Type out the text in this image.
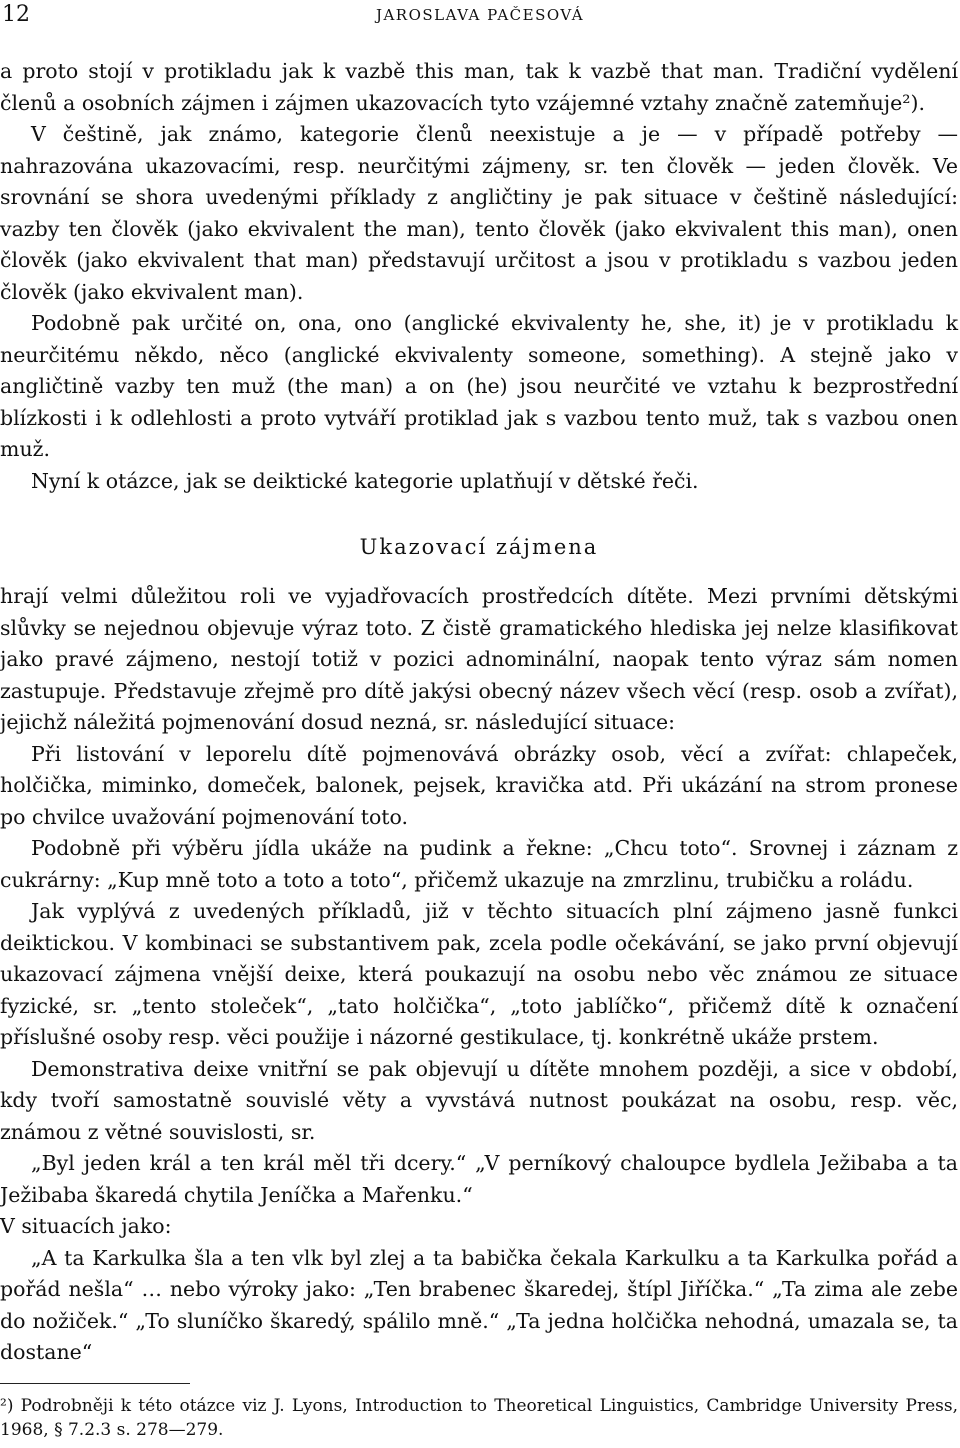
12	JAROSLAVA PAČESOVÁ

a proto stojí v protikladu jak k vazbě this man, tak k vazbě that man. Tradiční vydělení členů a osobních zájmen i zájmen ukazovacích tyto vzájemné vztahy značně zatemňuje²).

V češtině, jak známo, kategorie členů neexistuje a je — v případě potřeby — nahrazována ukazovacími, resp. neurčitými zájmeny, sr. ten člověk — jeden člověk. Ve srovnání se shora uvedenými příklady z angličtiny je pak situace v češtině následující: vazby ten člověk (jako ekvivalent the man), tento člověk (jako ekvivalent this man), onen člověk (jako ekvivalent that man) představují určitost a jsou v protikladu s vazbou jeden člověk (jako ekvivalent man).

Podobně pak určité on, ona, ono (anglické ekvivalenty he, she, it) je v protikladu k neurčitému někdo, něco (anglické ekvivalenty someone, something). A stejně jako v angličtině vazby ten muž (the man) a on (he) jsou neurčité ve vztahu k bezprostřední blízkosti i k odlehlosti a proto vytváří protiklad jak s vazbou tento muž, tak s vazbou onen muž.

Nyní k otázce, jak se deiktické kategorie uplatňují v dětské řeči.

Ukazovací zájmena

hrají velmi důležitou roli ve vyjadřovacích prostředcích dítěte. Mezi prvními dětskými slůvky se nejednou objevuje výraz toto. Z čistě gramatického hlediska jej nelze klasifikovat jako pravé zájmeno, nestojí totiž v pozici adnominální, naopak tento výraz sám nomen zastupuje. Představuje zřejmě pro dítě jakýsi obecný název všech věcí (resp. osob a zvířat), jejichž náležitá pojmenování dosud nezná, sr. následující situace:

Při listování v leporelu dítě pojmenovává obrázky osob, věcí a zvířat: chlapeček, holčička, miminko, domeček, balonek, pejsek, kravička atd. Při ukázání na strom pronese po chvilce uvažování pojmenování toto.

Podobně při výběru jídla ukáže na pudink a řekne: „Chcu toto“. Srovnej i záznam z cukrárny: „Kup mně toto a toto a toto“, přičemž ukazuje na zmrzlinu, trubičku a roládu.

Jak vyplývá z uvedených příkladů, již v těchto situacích plní zájmeno jasně funkci deiktickou. V kombinaci se substantivem pak, zcela podle očekávání, se jako první objevují ukazovací zájmena vnější deixe, která poukazují na osobu nebo věc známou ze situace fyzické, sr. „tento stoleček“, „tato holčička“, „toto jablíčko“, přičemž dítě k označení příslušné osoby resp. věci použije i názorné gestikulace, tj. konkrétně ukáže prstem.

Demonstrativa deixe vnitřní se pak objevují u dítěte mnohem později, a sice v období, kdy tvoří samostatně souvislé věty a vyvstává nutnost poukázat na osobu, resp. věc, známou z větné souvislosti, sr.

„Byl jeden král a ten král měl tři dcery.“ „V perníkový chaloupce bydlela Ježibaba a ta Ježibaba škaredá chytila Jeníčka a Mařenku.“

V situacích jako:

„A ta Karkulka šla a ten vlk byl zlej a ta babička čekala Karkulku a ta Karkulka pořád a pořád nešla“ … nebo výroky jako: „Ten brabenec škaredej, štípl Jiříčka.“ „Ta zima ale zebe do nožiček.“ „To sluníčko škaredý, spálilo mně.“ „Ta jedna holčička nehodná, umazala se, ta dostane“

²) Podrobněji k této otázce viz J. Lyons, Introduction to Theoretical Linguistics, Cambridge University Press, 1968, § 7.2.3 s. 278—279.
